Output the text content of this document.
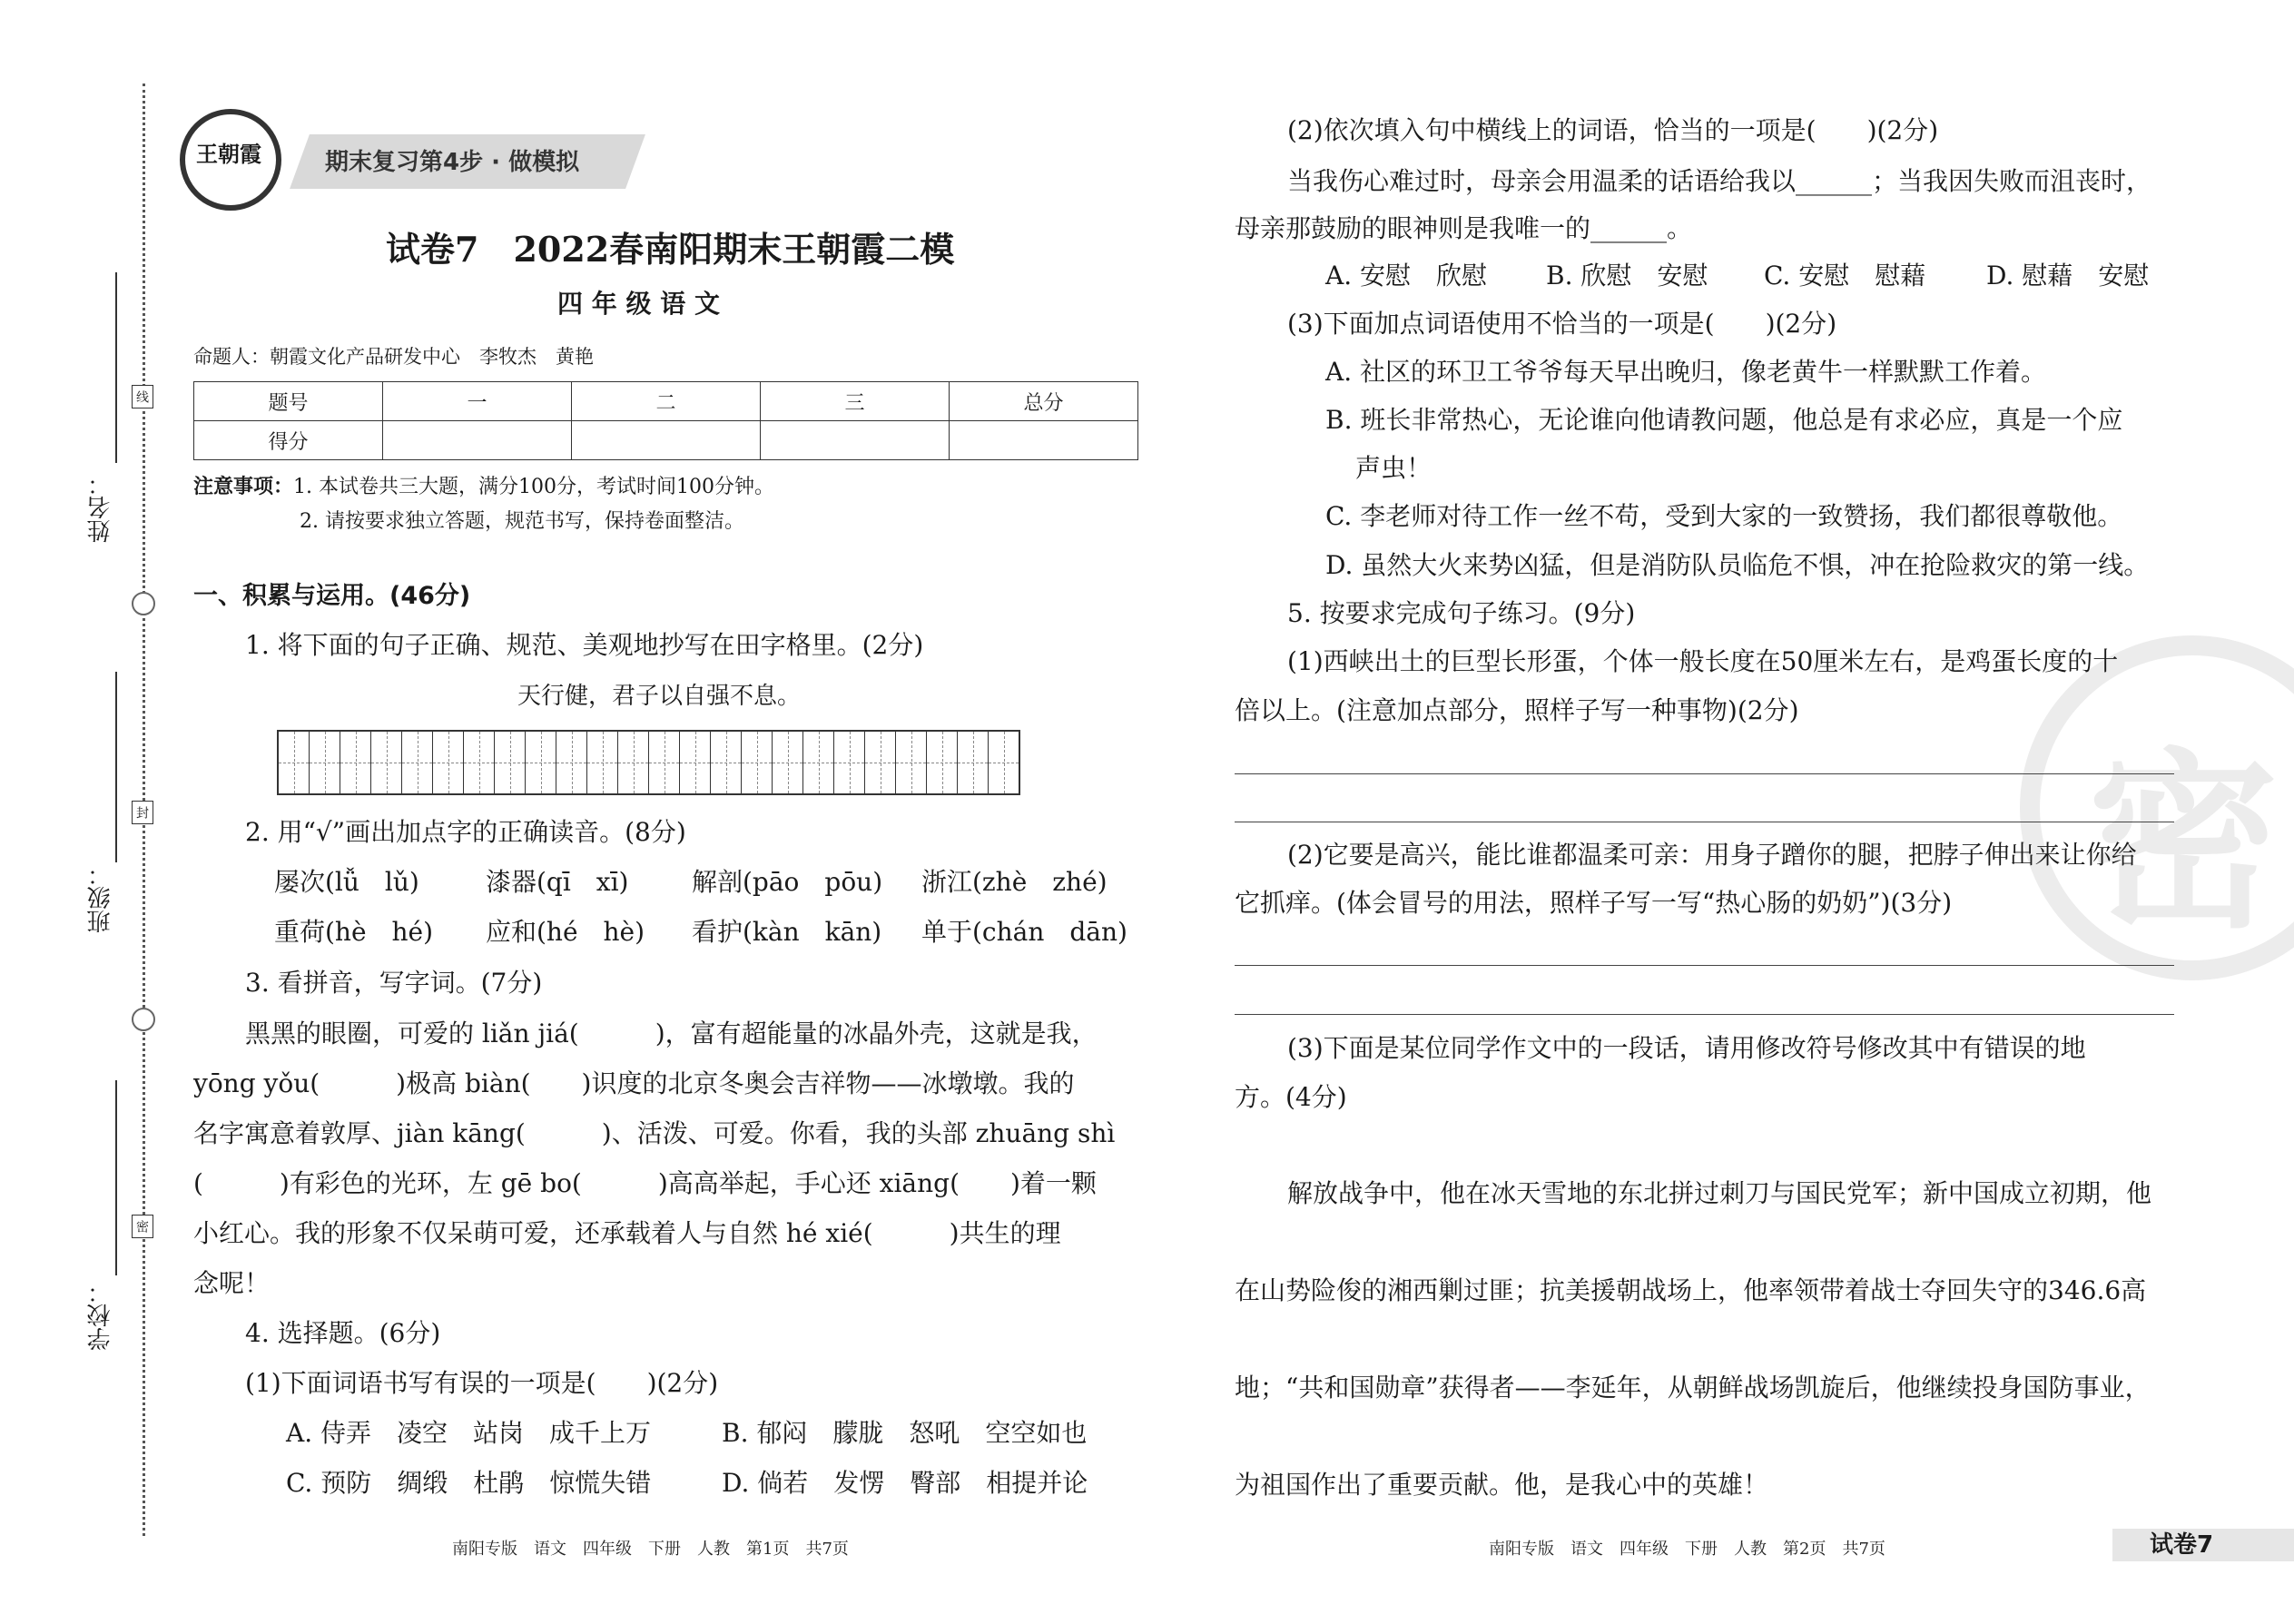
姓名：
班级：
学校：
线
封
密
期末复习第4步 · 做模拟
王朝霞
试卷7　2022春南阳期末王朝霞二模
四 年 级 语 文
命题人：朝霞文化产品研发中心　李牧杰　黄艳
题号	一	二	三	总分
得分				
注意事项：1. 本试卷共三大题，满分100分，考试时间100分钟。
2. 请按要求独立答题，规范书写，保持卷面整洁。
一、积累与运用。(46分)
1. 将下面的句子正确、规范、美观地抄写在田字格里。(2分)
天行健，君子以自强不息。
2. 用“√”画出加点字的正确读音。(8分)
屡次(lǚ　lǔ)	漆器(qī　xī) 解剖(pāo　pōu) 浙江(zhè　zhé)
重荷(hè　hé) 应和(hé　hè) 看护(kàn　kān) 单于(chán　dān)
3. 看拼音，写字词。(7分)
黑黑的眼圈，可爱的 liǎn jiá(　　　)，富有超能量的冰晶外壳，这就是我，
yōng yǒu(　　　)极高 biàn(　　)识度的北京冬奥会吉祥物——冰墩墩。我的
名字寓意着敦厚、jiàn kāng(　　　)、活泼、可爱。你看，我的头部 zhuāng shì
(　　　)有彩色的光环，左 gē bo(　　　)高高举起，手心还 xiāng(　　)着一颗
小红心。我的形象不仅呆萌可爱，还承载着人与自然 hé xié(　　　)共生的理
念呢！
4. 选择题。(6分)
(1)下面词语书写有误的一项是(　　)(2分)
A. 侍弄　凌空　站岗　成千上万	B. 郁闷　朦胧　怒吼　空空如也
C. 预防　绸缎　杜鹃　惊慌失错	D. 倘若　发愣　臀部　相提并论
密
(2)依次填入句中横线上的词语，恰当的一项是(　　)(2分)
当我伤心难过时，母亲会用温柔的话语给我以______；当我因失败而沮丧时，
母亲那鼓励的眼神则是我唯一的______。
A. 安慰　欣慰 B. 欣慰　安慰 C. 安慰　慰藉 D. 慰藉　安慰
(3)下面加点词语使用不恰当的一项是(　　)(2分)
A. 社区的环卫工爷爷每天早出晚归，像老黄牛一样默默工作着。
B. 班长非常热心，无论谁向他请教问题，他总是有求必应，真是一个应
声虫！
C. 李老师对待工作一丝不苟，受到大家的一致赞扬，我们都很尊敬他。
D. 虽然大火来势凶猛，但是消防队员临危不惧，冲在抢险救灾的第一线。
5. 按要求完成句子练习。(9分)
(1)西峡出土的巨型长形蛋，个体一般长度在50厘米左右，是鸡蛋长度的十
倍以上。(注意加点部分，照样子写一种事物)(2分)
(2)它要是高兴，能比谁都温柔可亲：用身子蹭你的腿，把脖子伸出来让你给
它抓痒。(体会冒号的用法，照样子写一写“热心肠的奶奶”)(3分)
(3)下面是某位同学作文中的一段话，请用修改符号修改其中有错误的地
方。(4分)
解放战争中，他在冰天雪地的东北拼过刺刀与国民党军；新中国成立初期，他
在山势险俊的湘西剿过匪；抗美援朝战场上，他率领带着战士夺回失守的346.6高
地；“共和国勋章”获得者——李延年，从朝鲜战场凯旋后，他继续投身国防事业，
为祖国作出了重要贡献。他，是我心中的英雄！
南阳专版　语文　四年级　下册　人教　第1页　共7页	南阳专版　语文　四年级　下册　人教　第2页　共7页	试卷7
